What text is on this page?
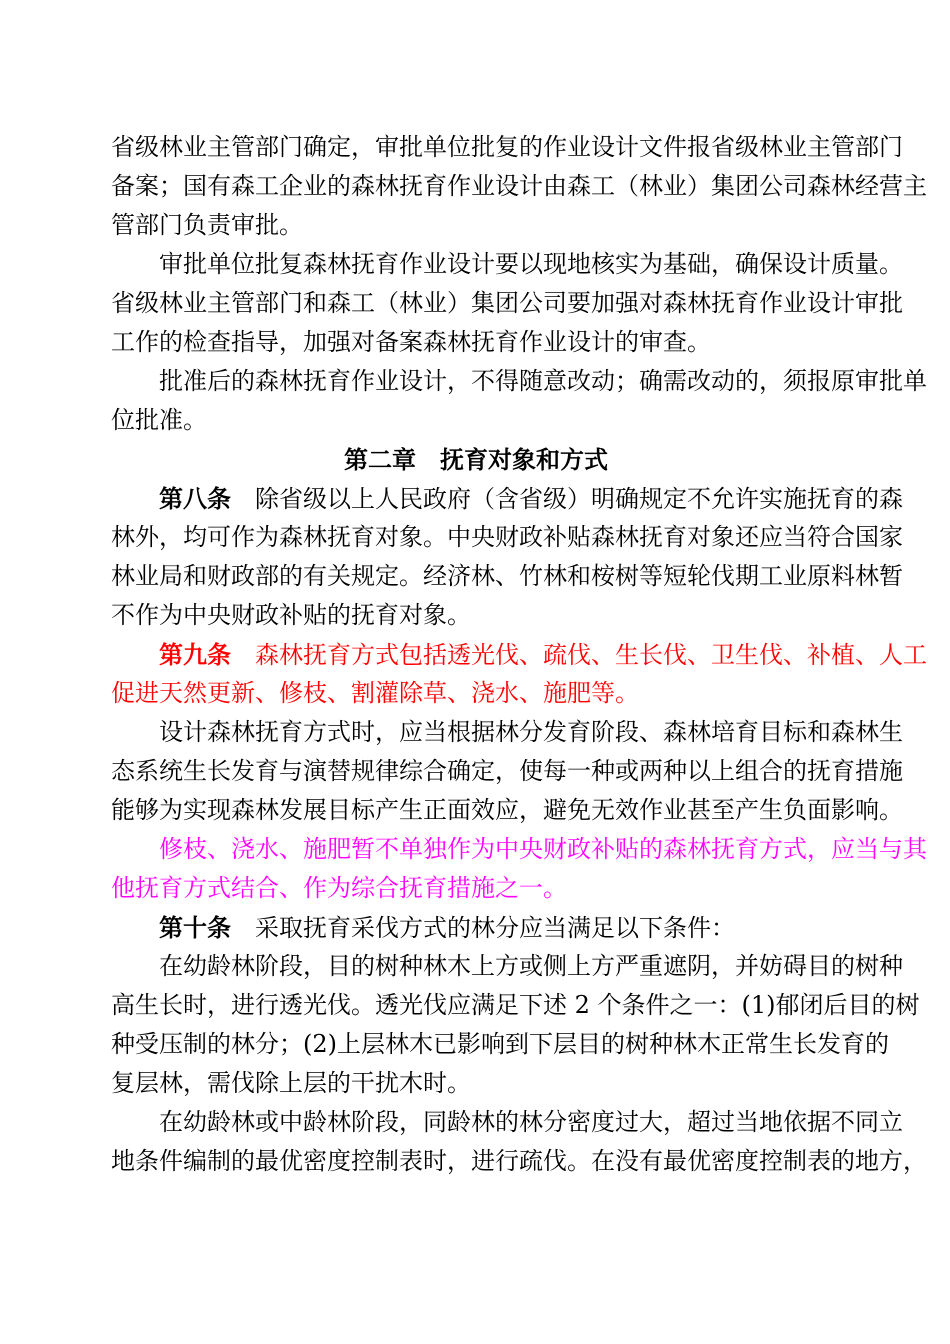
省级林业主管部门确定，审批单位批复的作业设计文件报省级林业主管部门
备案；国有森工企业的森林抚育作业设计由森工（林业）集团公司森林经营主
管部门负责审批。
审批单位批复森林抚育作业设计要以现地核实为基础，确保设计质量。
省级林业主管部门和森工（林业）集团公司要加强对森林抚育作业设计审批
工作的检查指导，加强对备案森林抚育作业设计的审查。
批准后的森林抚育作业设计，不得随意改动；确需改动的，须报原审批单
位批准。
第二章　抚育对象和方式
第八条 除省级以上人民政府（含省级）明确规定不允许实施抚育的森
林外，均可作为森林抚育对象。中央财政补贴森林抚育对象还应当符合国家
林业局和财政部的有关规定。经济林、竹林和桉树等短轮伐期工业原料林暂
不作为中央财政补贴的抚育对象。
第九条 森林抚育方式包括透光伐、疏伐、生长伐、卫生伐、补植、人工
促进天然更新、修枝、割灌除草、浇水、施肥等。
设计森林抚育方式时，应当根据林分发育阶段、森林培育目标和森林生
态系统生长发育与演替规律综合确定，使每一种或两种以上组合的抚育措施
能够为实现森林发展目标产生正面效应，避免无效作业甚至产生负面影响。
修枝、浇水、施肥暂不单独作为中央财政补贴的森林抚育方式，应当与其
他抚育方式结合、作为综合抚育措施之一。
第十条 采取抚育采伐方式的林分应当满足以下条件：
在幼龄林阶段，目的树种林木上方或侧上方严重遮阴，并妨碍目的树种
高生长时，进行透光伐。透光伐应满足下述 2 个条件之一：(1)郁闭后目的树
种受压制的林分；(2)上层林木已影响到下层目的树种林木正常生长发育的
复层林，需伐除上层的干扰木时。
在幼龄林或中龄林阶段，同龄林的林分密度过大，超过当地依据不同立
地条件编制的最优密度控制表时，进行疏伐。在没有最优密度控制表的地方，
